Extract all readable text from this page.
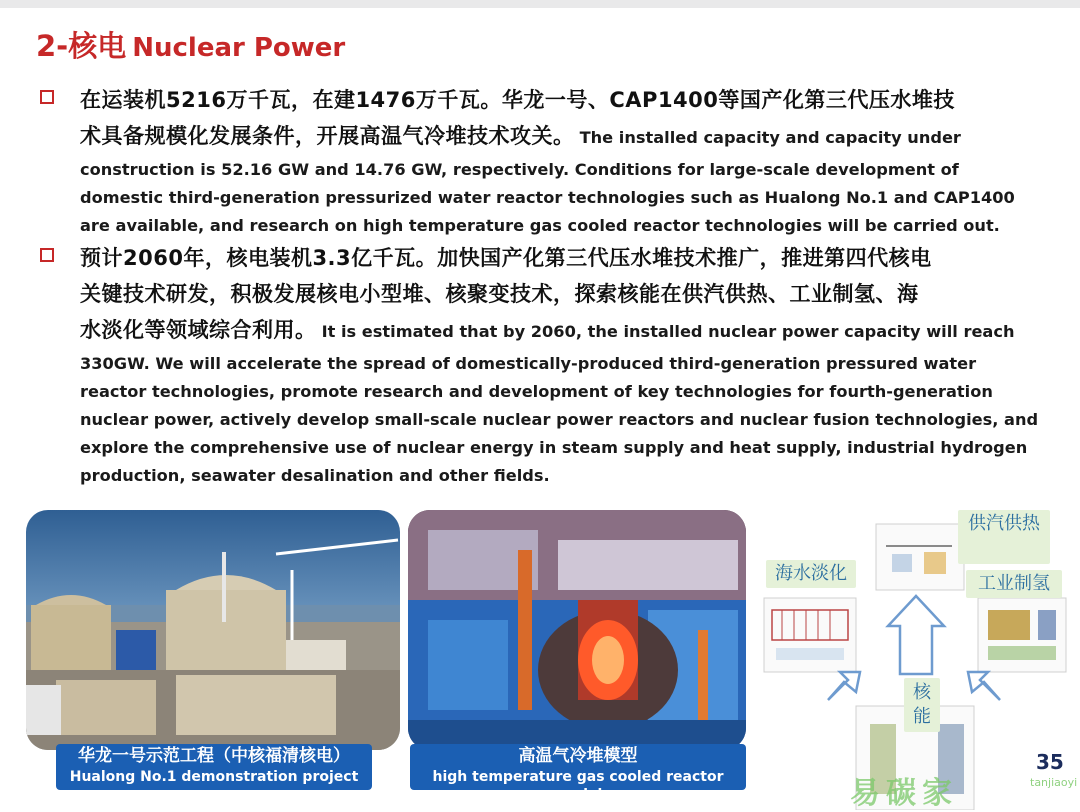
2-核电 Nuclear Power
在运装机5216万千瓦，在建1476万千瓦。华龙一号、CAP1400等国产化第三代压水堆技
术具备规模化发展条件，开展高温气冷堆技术攻关。 The installed capacity and capacity under
construction is 52.16 GW and 14.76 GW, respectively. Conditions for large-scale development of
domestic third-generation pressurized water reactor technologies such as Hualong No.1 and CAP1400
are available, and research on high temperature gas cooled reactor technologies will be carried out.
预计2060年，核电装机3.3亿千瓦。加快国产化第三代压水堆技术推广，推进第四代核电
关键技术研发，积极发展核电小型堆、核聚变技术，探索核能在供汽供热、工业制氢、海
水淡化等领域综合利用。 It is estimated that by 2060, the installed nuclear power capacity will reach
330GW. We will accelerate the spread of domestically-produced third-generation pressured water
reactor technologies, promote research and development of key technologies for fourth-generation
nuclear power, actively develop small-scale nuclear power reactors and nuclear fusion technologies, and
explore the comprehensive use of nuclear energy in steam supply and heat supply, industrial hydrogen
production, seawater desalination and other fields.
华龙一号示范工程（中核福清核电）
Hualong No.1 demonstration project
高温气冷堆模型
high temperature gas cooled reactor model
供汽供热
海水淡化	工业制氢
核能
35
易碳家	tanjiaoyi
